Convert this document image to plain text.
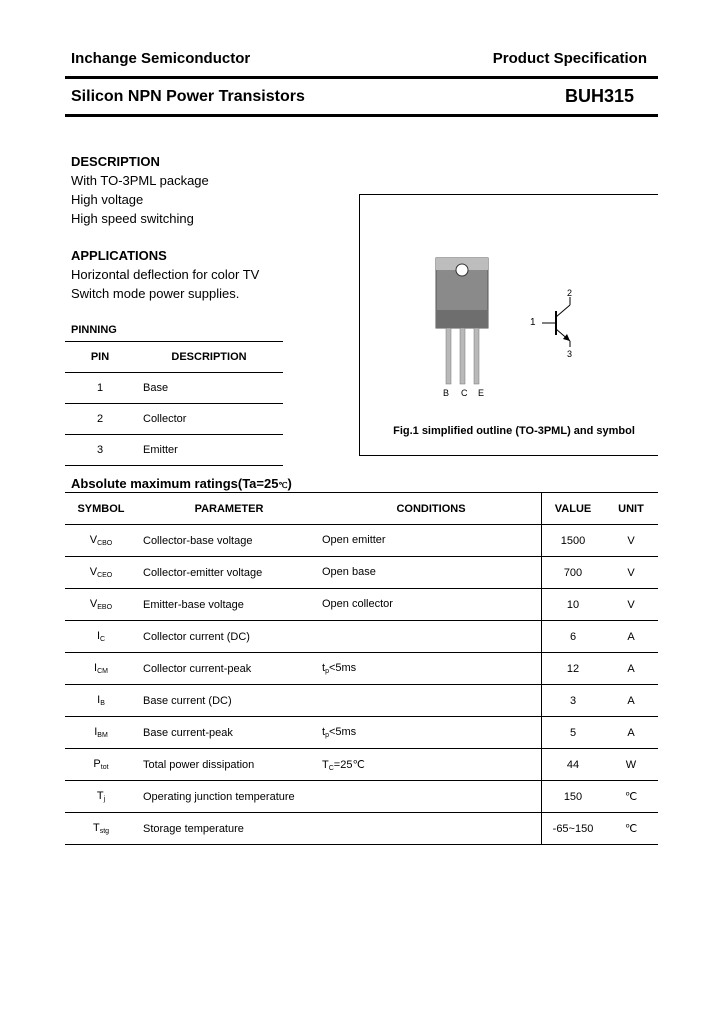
Inchange Semiconductor	Product Specification
Silicon NPN Power Transistors	BUH315
DESCRIPTION
With TO-3PML package
High voltage
High speed switching
APPLICATIONS
Horizontal deflection for color TV
Switch mode power supplies.
PINNING
PIN	DESCRIPTION
1	Base
2	Collector
3	Emitter
B C E
1
2
3
Fig.1 simplified outline (TO-3PML) and symbol
Absolute maximum ratings(Ta=25℃)
SYMBOL	PARAMETER	CONDITIONS	VALUE	UNIT
$V_{CBO}$	Collector-base voltage	Open emitter	1500	V
$V_{CEO}$	Collector-emitter voltage	Open base	700	V
$V_{EBO}$	Emitter-base voltage	Open collector	10	V
$I_C$	Collector current (DC)		6	A
$I_{CM}$	Collector current-peak	$t_p<5ms$	12	A
$I_B$	Base current (DC)		3	A
$I_{BM}$	Base current-peak	$t_p<5ms$	5	A
$P_{tot}$	Total power dissipation	$T_C=25℃$	44	W
$T_j$	Operating junction temperature		150	℃
$T_{stg}$	Storage temperature		-65~150	℃
